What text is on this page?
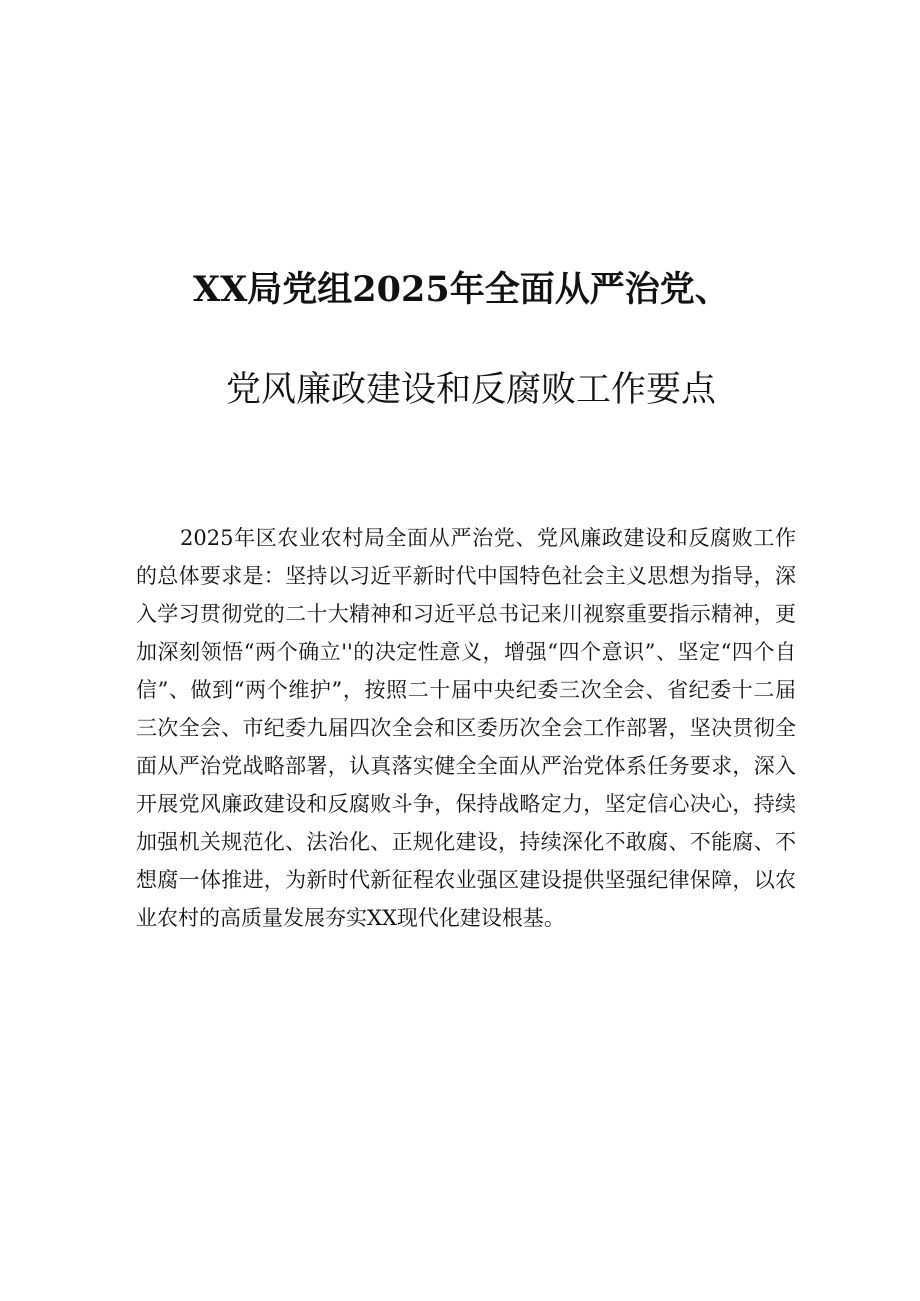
XX局党组2025年全面从严治党、
党风廉政建设和反腐败工作要点

2025年区农业农村局全面从严治党、党风廉政建设和反腐败工作的总体要求是：坚持以习近平新时代中国特色社会主义思想为指导，深入学习贯彻党的二十大精神和习近平总书记来川视察重要指示精神，更加深刻领悟“两个确立''的决定性意义，增强“四个意识”、坚定“四个自信”、做到“两个维护”，按照二十届中央纪委三次全会、省纪委十二届三次全会、市纪委九届四次全会和区委历次全会工作部署，坚决贯彻全面从严治党战略部署，认真落实健全全面从严治党体系任务要求，深入开展党风廉政建设和反腐败斗争，保持战略定力，坚定信心决心，持续加强机关规范化、法治化、正规化建设，持续深化不敢腐、不能腐、不想腐一体推进，为新时代新征程农业强区建设提供坚强纪律保障，以农业农村的高质量发展夯实XX现代化建设根基。
